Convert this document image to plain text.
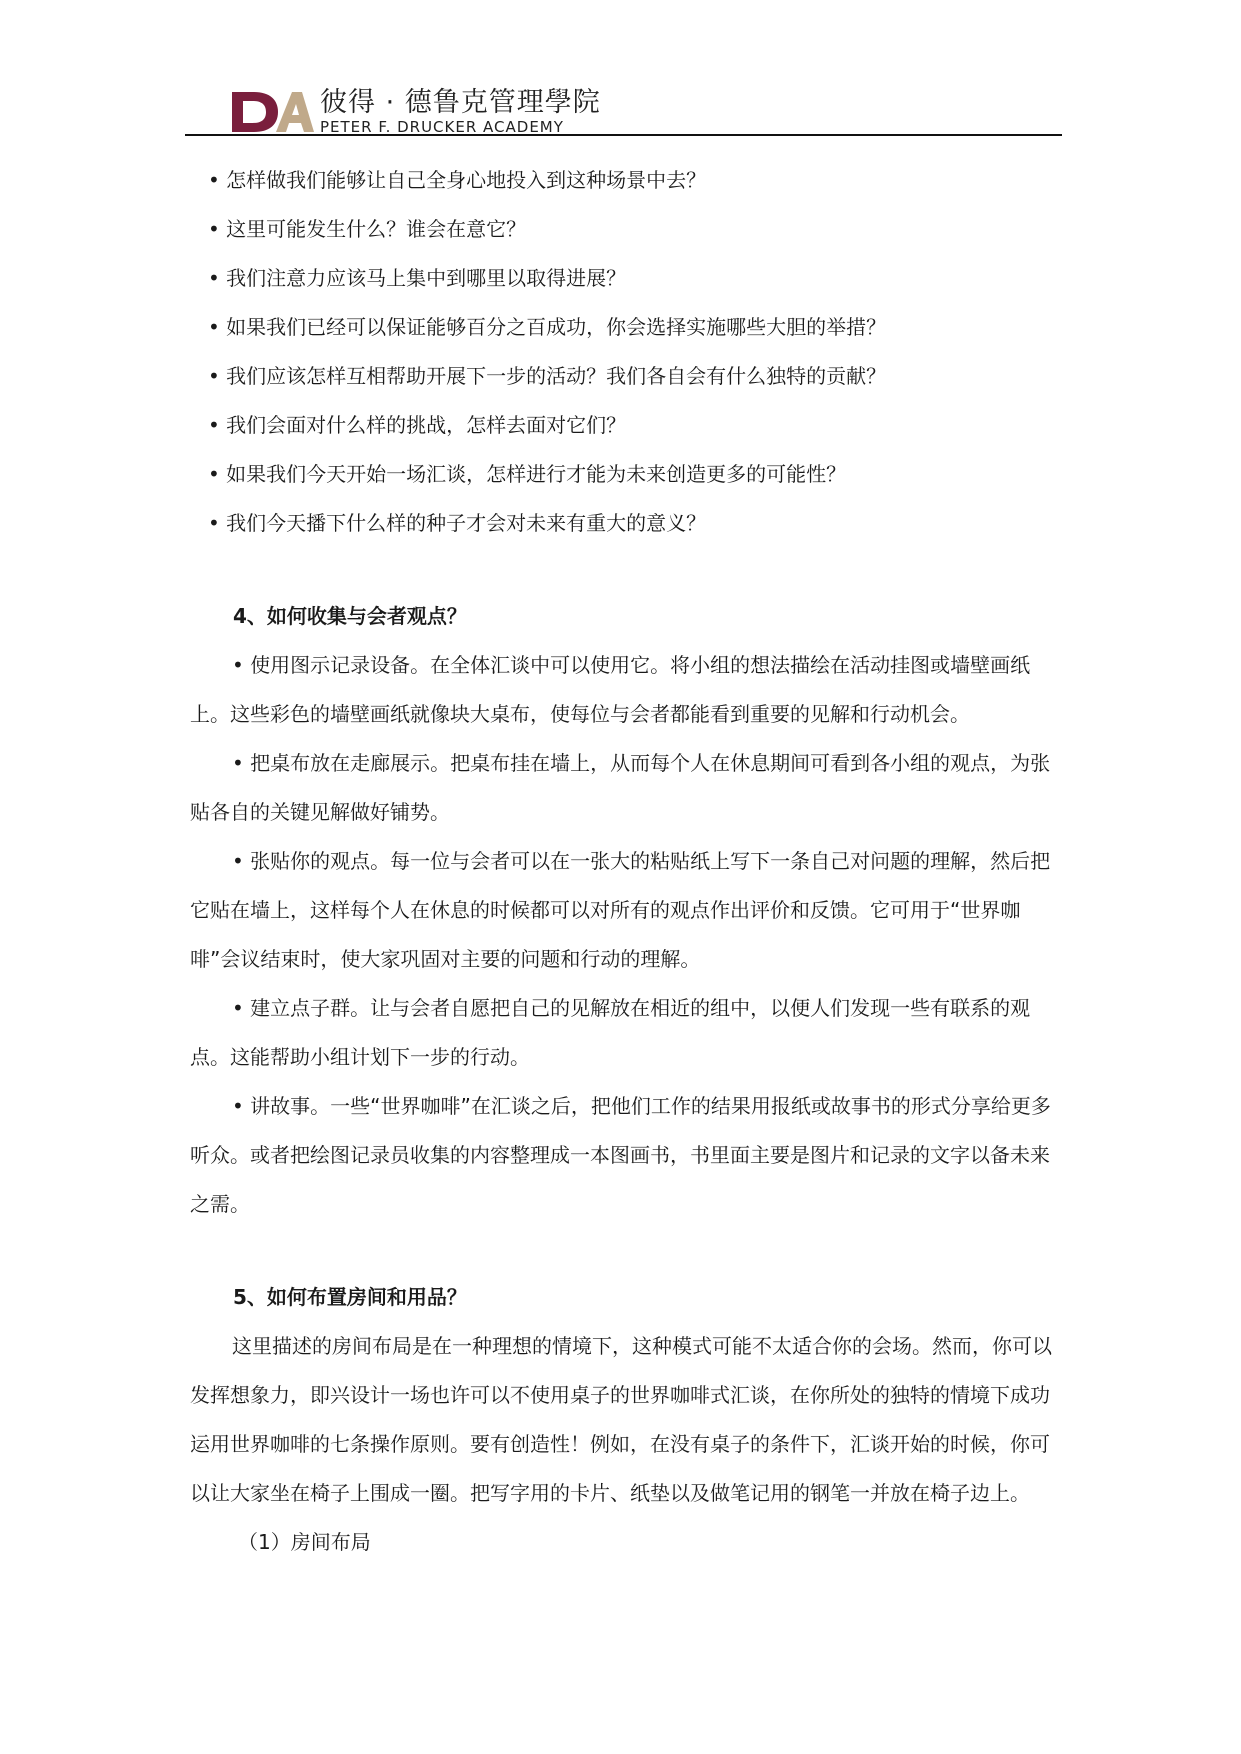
彼得 · 德鲁克管理學院
PETER F. DRUCKER ACADEMY

• 怎样做我们能够让自己全身心地投入到这种场景中去？

• 这里可能发生什么？谁会在意它？

• 我们注意力应该马上集中到哪里以取得进展？

• 如果我们已经可以保证能够百分之百成功，你会选择实施哪些大胆的举措？

• 我们应该怎样互相帮助开展下一步的活动？我们各自会有什么独特的贡献？

• 我们会面对什么样的挑战，怎样去面对它们？

• 如果我们今天开始一场汇谈，怎样进行才能为未来创造更多的可能性？

• 我们今天播下什么样的种子才会对未来有重大的意义？

4、如何收集与会者观点？

• 使用图示记录设备。在全体汇谈中可以使用它。将小组的想法描绘在活动挂图或墙壁画纸上。这些彩色的墙壁画纸就像块大桌布，使每位与会者都能看到重要的见解和行动机会。

• 把桌布放在走廊展示。把桌布挂在墙上，从而每个人在休息期间可看到各小组的观点，为张贴各自的关键见解做好铺势。

• 张贴你的观点。每一位与会者可以在一张大的粘贴纸上写下一条自己对问题的理解，然后把它贴在墙上，这样每个人在休息的时候都可以对所有的观点作出评价和反馈。它可用于“世界咖啡”会议结束时，使大家巩固对主要的问题和行动的理解。

• 建立点子群。让与会者自愿把自己的见解放在相近的组中，以便人们发现一些有联系的观点。这能帮助小组计划下一步的行动。

• 讲故事。一些“世界咖啡”在汇谈之后，把他们工作的结果用报纸或故事书的形式分享给更多听众。或者把绘图记录员收集的内容整理成一本图画书，书里面主要是图片和记录的文字以备未来之需。

5、如何布置房间和用品？

这里描述的房间布局是在一种理想的情境下，这种模式可能不太适合你的会场。然而，你可以发挥想象力，即兴设计一场也许可以不使用桌子的世界咖啡式汇谈，在你所处的独特的情境下成功运用世界咖啡的七条操作原则。要有创造性！例如，在没有桌子的条件下，汇谈开始的时候，你可以让大家坐在椅子上围成一圈。把写字用的卡片、纸垫以及做笔记用的钢笔一并放在椅子边上。

（1）房间布局
